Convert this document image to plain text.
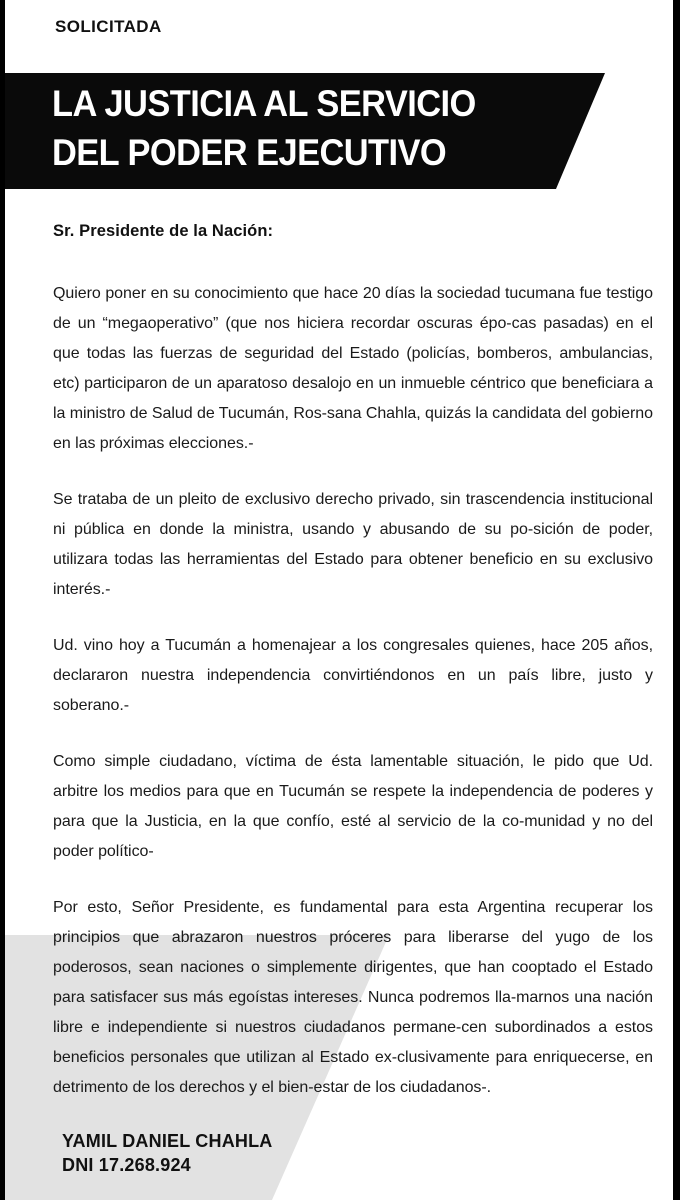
SOLICITADA
LA JUSTICIA AL SERVICIO
DEL PODER EJECUTIVO

Sr. Presidente de la Nación:

Quiero poner en su conocimiento que hace 20 días la sociedad tucumana fue testigo de un “megaoperativo” (que nos hiciera recordar oscuras épo-cas pasadas) en el que todas las fuerzas de seguridad del Estado (policías, bomberos, ambulancias, etc) participaron de un aparatoso desalojo en un inmueble céntrico que beneficiara a la ministro de Salud de Tucumán, Ros-sana Chahla, quizás la candidata del gobierno en las próximas elecciones.-

Se trataba de un pleito de exclusivo derecho privado, sin trascendencia institucional ni pública en donde la ministra, usando y abusando de su po-sición de poder, utilizara todas las herramientas del Estado para obtener beneficio en su exclusivo interés.-

Ud. vino hoy a Tucumán a homenajear a los congresales quienes, hace 205 años, declararon nuestra independencia convirtiéndonos en un país libre, justo y soberano.-

Como simple ciudadano, víctima de ésta lamentable situación, le pido que Ud. arbitre los medios para que en Tucumán se respete la independencia de poderes y para que la Justicia, en la que confío, esté al servicio de la co-munidad y no del poder político-

Por esto, Señor Presidente, es fundamental para esta Argentina recuperar los principios que abrazaron nuestros próceres para liberarse del yugo de los poderosos, sean naciones o simplemente dirigentes, que han cooptado el Estado para satisfacer sus más egoístas intereses. Nunca podremos lla-marnos una nación libre e independiente si nuestros ciudadanos permane-cen subordinados a estos beneficios personales que utilizan al Estado ex-clusivamente para enriquecerse, en detrimento de los derechos y el bien-estar de los ciudadanos-.

YAMIL DANIEL CHAHLA
DNI 17.268.924
